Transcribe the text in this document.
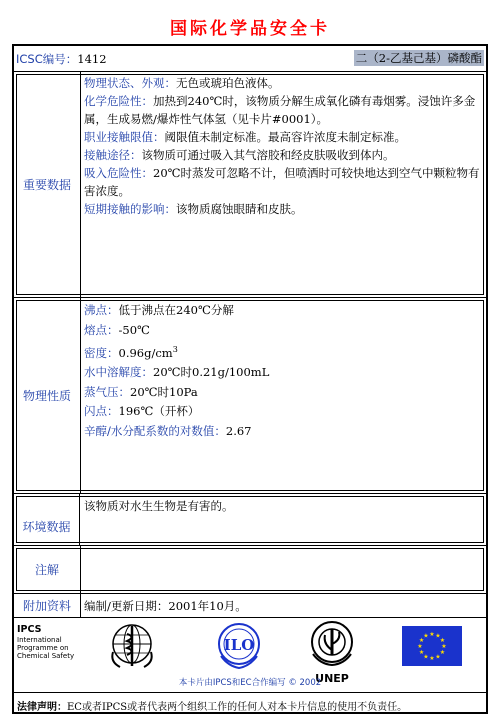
国际化学品安全卡
ICSC编号：1412	二（2-乙基己基）磷酸酯
重要数据
物理状态、外观：无色或琥珀色液体。
化学危险性：加热到240℃时，该物质分解生成氧化磷有毒烟雾。浸蚀许多金属，生成易燃/爆炸性气体氢（见卡片#0001）。
职业接触限值：阈限值未制定标准。最高容许浓度未制定标准。
接触途径：该物质可通过吸入其气溶胶和经皮肤吸收到体内。
吸入危险性：20℃时蒸发可忽略不计，但喷洒时可较快地达到空气中颗粒物有害浓度。
短期接触的影响：该物质腐蚀眼睛和皮肤。
物理性质
沸点：低于沸点在240℃分解
熔点：-50℃
密度：$0.96g/cm^3$
水中溶解度：20℃时0.21g/100mL
蒸气压：20℃时10Pa
闪点：196℃（开杯）
辛醇/水分配系数的对数值：2.67
环境数据
该物质对水生生物是有害的。
注解
附加资料	编制/更新日期：2001年10月。
IPCS
International
Programme on
Chemical Safety
ILO
UNEP
★ ★
★
★
★
★
★
★
★
★
★
★
本卡片由IPCS和EC合作编写 © 2002
法律声明：EC或者IPCS或者代表两个组织工作的任何人对本卡片信息的使用不负责任。
